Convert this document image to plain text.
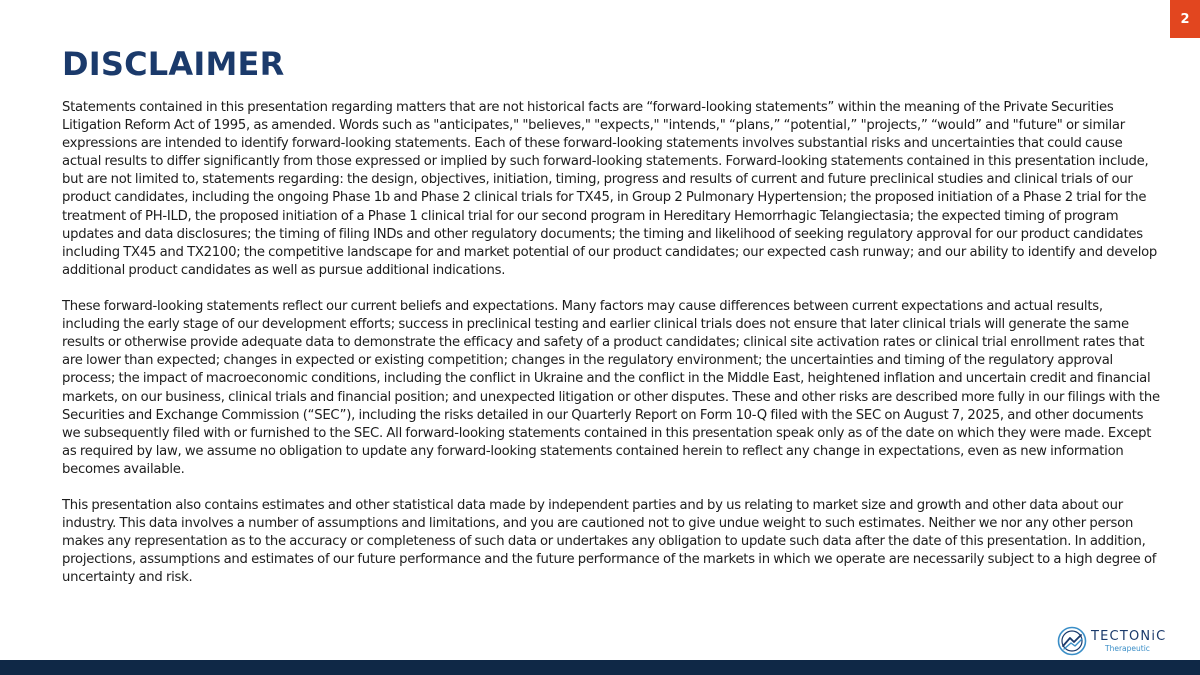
2
DISCLAIMER

Statements contained in this presentation regarding matters that are not historical facts are “forward-looking statements” within the meaning of the Private Securities Litigation Reform Act of 1995, as amended. Words such as "anticipates," "believes," "expects," "intends," “plans,” “potential,” "projects,” “would” and "future" or similar expressions are intended to identify forward-looking statements. Each of these forward-looking statements involves substantial risks and uncertainties that could cause actual results to differ significantly from those expressed or implied by such forward-looking statements. Forward-looking statements contained in this presentation include, but are not limited to, statements regarding: the design, objectives, initiation, timing, progress and results of current and future preclinical studies and clinical trials of our product candidates, including the ongoing Phase 1b and Phase 2 clinical trials for TX45, in Group 2 Pulmonary Hypertension; the proposed initiation of a Phase 2 trial for the treatment of PH-ILD, the proposed initiation of a Phase 1 clinical trial for our second program in Hereditary Hemorrhagic Telangiectasia; the expected timing of program updates and data disclosures; the timing of filing INDs and other regulatory documents; the timing and likelihood of seeking regulatory approval for our product candidates including TX45 and TX2100; the competitive landscape for and market potential of our product candidates; our expected cash runway; and our ability to identify and develop additional product candidates as well as pursue additional indications.

These forward-looking statements reflect our current beliefs and expectations. Many factors may cause differences between current expectations and actual results, including the early stage of our development efforts; success in preclinical testing and earlier clinical trials does not ensure that later clinical trials will generate the same results or otherwise provide adequate data to demonstrate the efficacy and safety of a product candidates; clinical site activation rates or clinical trial enrollment rates that are lower than expected; changes in expected or existing competition; changes in the regulatory environment; the uncertainties and timing of the regulatory approval process; the impact of macroeconomic conditions, including the conflict in Ukraine and the conflict in the Middle East, heightened inflation and uncertain credit and financial markets, on our business, clinical trials and financial position; and unexpected litigation or other disputes. These and other risks are described more fully in our filings with the Securities and Exchange Commission (“SEC”), including the risks detailed in our Quarterly Report on Form 10-Q filed with the SEC on August 7, 2025, and other documents we subsequently filed with or furnished to the SEC. All forward-looking statements contained in this presentation speak only as of the date on which they were made. Except as required by law, we assume no obligation to update any forward-looking statements contained herein to reflect any change in expectations, even as new information becomes available.

This presentation also contains estimates and other statistical data made by independent parties and by us relating to market size and growth and other data about our industry. This data involves a number of assumptions and limitations, and you are cautioned not to give undue weight to such estimates. Neither we nor any other person makes any representation as to the accuracy or completeness of such data or undertakes any obligation to update such data after the date of this presentation. In addition, projections, assumptions and estimates of our future performance and the future performance of the markets in which we operate are necessarily subject to a high degree of uncertainty and risk.

TECTONiC
Therapeutic
